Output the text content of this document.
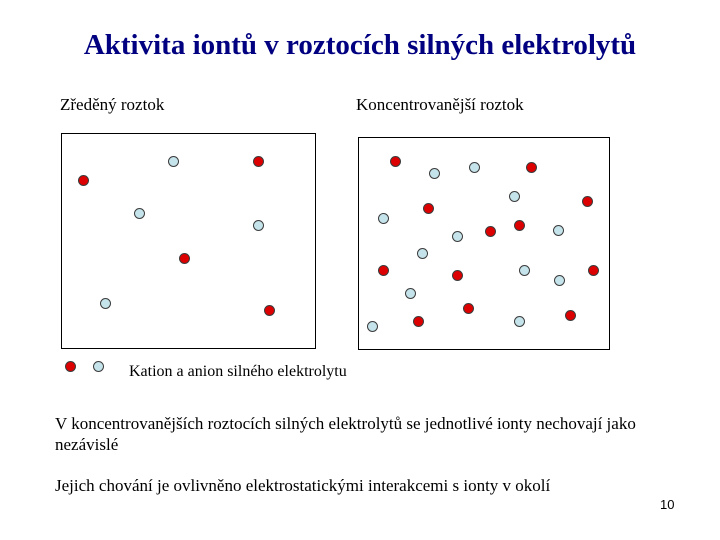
Aktivita iontů v roztocích silných elektrolytů
Zředěný roztok	Koncentrovanější roztok
Kation a anion silného elektrolytu
V koncentrovanějších roztocích silných elektrolytů se jednotlivé ionty nechovají jako nezávislé
Jejich chování je ovlivněno elektrostatickými interakcemi s ionty v okolí
10
